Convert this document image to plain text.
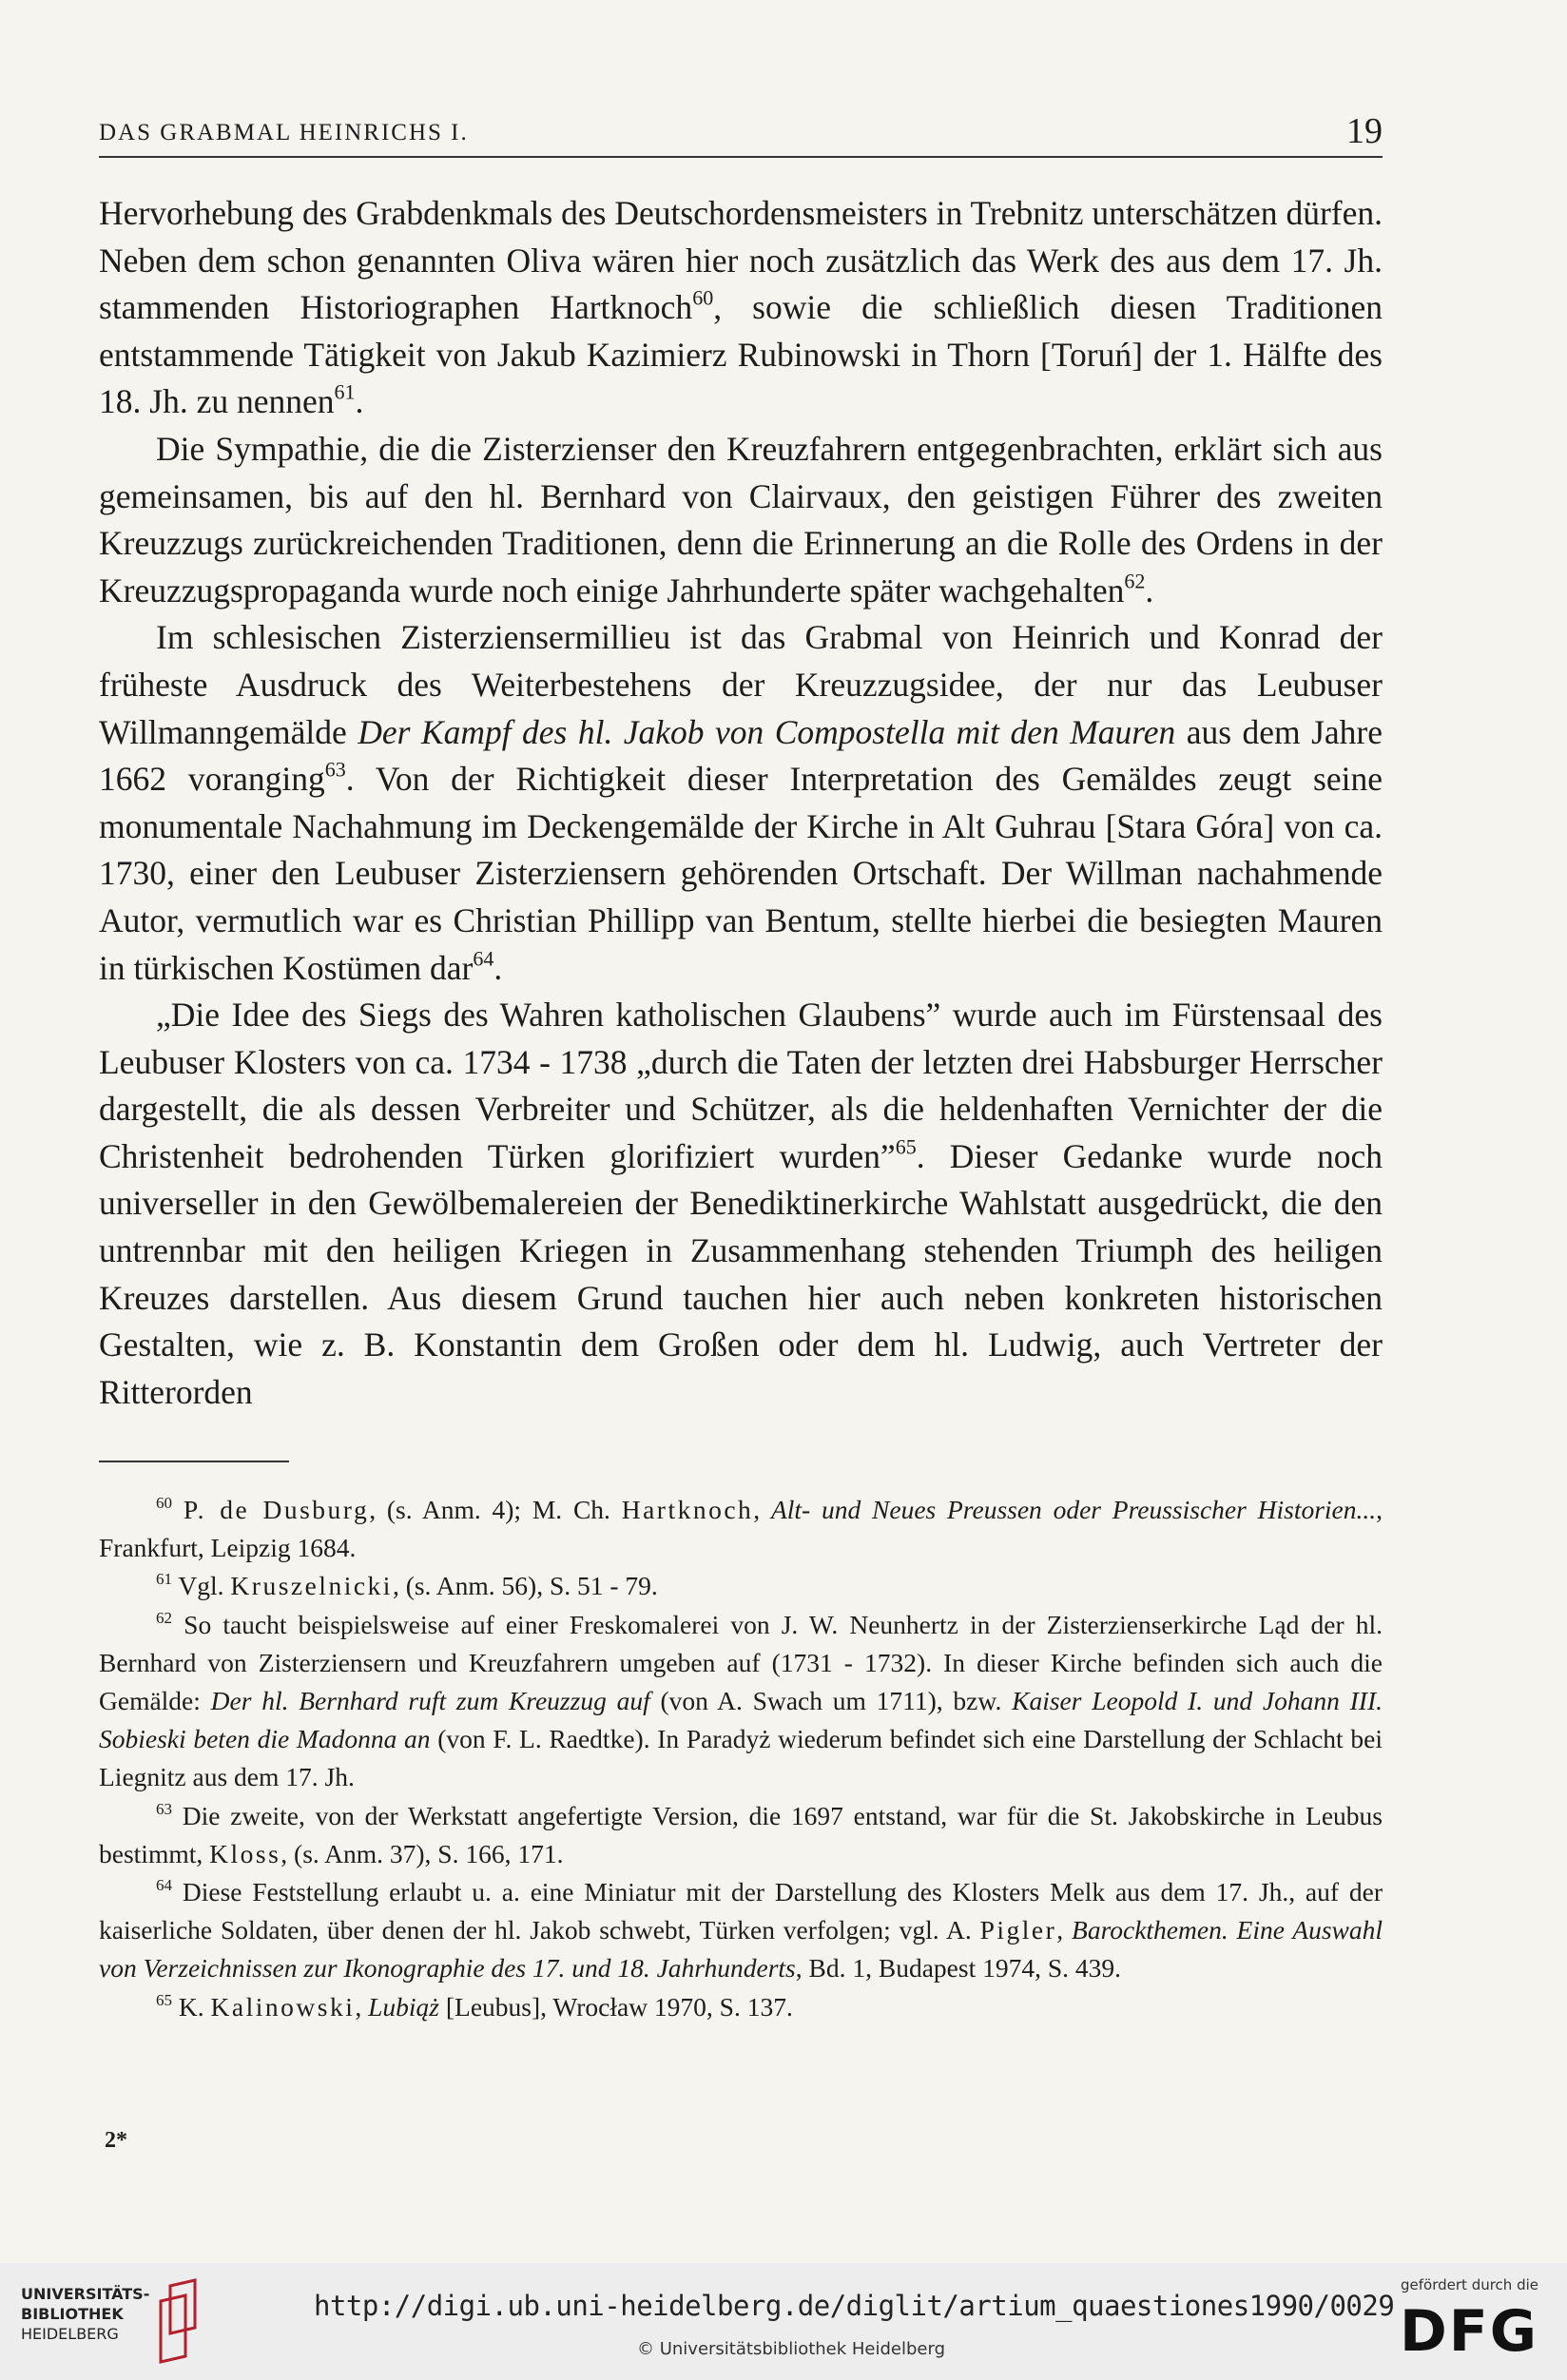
DAS GRABMAL HEINRICHS I.	19

Hervorhebung des Grabdenkmals des Deutschordensmeisters in Trebnitz unterschätzen dürfen. Neben dem schon genannten Oliva wären hier noch zusätzlich das Werk des aus dem 17. Jh. stammenden Historiographen Hartknoch$^{60}$, sowie die schließlich diesen Traditionen entstammende Tätigkeit von Jakub Kazimierz Rubinowski in Thorn [Toruń] der 1. Hälfte des 18. Jh. zu nennen$^{61}$.

Die Sympathie, die die Zisterzienser den Kreuzfahrern entgegenbrachten, erklärt sich aus gemeinsamen, bis auf den hl. Bernhard von Clairvaux, den geistigen Führer des zweiten Kreuzzugs zurückreichenden Traditionen, denn die Erinnerung an die Rolle des Ordens in der Kreuzzugspropaganda wurde noch einige Jahrhunderte später wachgehalten$^{62}$.

Im schlesischen Zisterziensermillieu ist das Grabmal von Heinrich und Konrad der früheste Ausdruck des Weiterbestehens der Kreuzzugsidee, der nur das Leubuser Willmanngemälde Der Kampf des hl. Jakob von Compostella mit den Mauren aus dem Jahre 1662 voranging$^{63}$. Von der Richtigkeit dieser Interpretation des Gemäldes zeugt seine monumentale Nachahmung im Deckengemälde der Kirche in Alt Guhrau [Stara Góra] von ca. 1730, einer den Leubuser Zisterziensern gehörenden Ortschaft. Der Willman nachahmende Autor, vermutlich war es Christian Phillipp van Bentum, stellte hierbei die besiegten Mauren in türkischen Kostümen dar$^{64}$.

„Die Idee des Siegs des Wahren katholischen Glaubens” wurde auch im Fürstensaal des Leubuser Klosters von ca. 1734 - 1738 „durch die Taten der letzten drei Habsburger Herrscher dargestellt, die als dessen Verbreiter und Schützer, als die heldenhaften Vernichter der die Christenheit bedrohenden Türken glorifiziert wurden”$^{65}$. Dieser Gedanke wurde noch universeller in den Gewölbemalereien der Benediktinerkirche Wahlstatt ausgedrückt, die den untrennbar mit den heiligen Kriegen in Zusammenhang stehenden Triumph des heiligen Kreuzes darstellen. Aus diesem Grund tauchen hier auch neben konkreten historischen Gestalten, wie z. B. Konstantin dem Großen oder dem hl. Ludwig, auch Vertreter der Ritterorden

$^{60}$ P. de Dusburg, (s. Anm. 4); M. Ch. Hartknoch, Alt- und Neues Preussen oder Preussischer Historien..., Frankfurt, Leipzig 1684.

$^{61}$ Vgl. Kruszelnicki, (s. Anm. 56), S. 51 - 79.

$^{62}$ So taucht beispielsweise auf einer Freskomalerei von J. W. Neunhertz in der Zisterzienserkirche Ląd der hl. Bernhard von Zisterziensern und Kreuzfahrern umgeben auf (1731 - 1732). In dieser Kirche befinden sich auch die Gemälde: Der hl. Bernhard ruft zum Kreuzzug auf (von A. Swach um 1711), bzw. Kaiser Leopold I. und Johann III. Sobieski beten die Madonna an (von F. L. Raedtke). In Paradyż wiederum befindet sich eine Darstellung der Schlacht bei Liegnitz aus dem 17. Jh.

$^{63}$ Die zweite, von der Werkstatt angefertigte Version, die 1697 entstand, war für die St. Jakobskirche in Leubus bestimmt, Kloss, (s. Anm. 37), S. 166, 171.

$^{64}$ Diese Feststellung erlaubt u. a. eine Miniatur mit der Darstellung des Klosters Melk aus dem 17. Jh., auf der kaiserliche Soldaten, über denen der hl. Jakob schwebt, Türken verfolgen; vgl. A. Pigler, Barockthemen. Eine Auswahl von Verzeichnissen zur Ikonographie des 17. und 18. Jahrhunderts, Bd. 1, Budapest 1974, S. 439.

$^{65}$ K. Kalinowski, Lubiąż [Leubus], Wrocław 1970, S. 137.

2*
UNIVERSITÄTS-
BIBLIOTHEK
HEIDELBERG
http://digi.ub.uni-heidelberg.de/diglit/artium_quaestiones1990/0029
© Universitätsbibliothek Heidelberg
gefördert durch die
DFG
